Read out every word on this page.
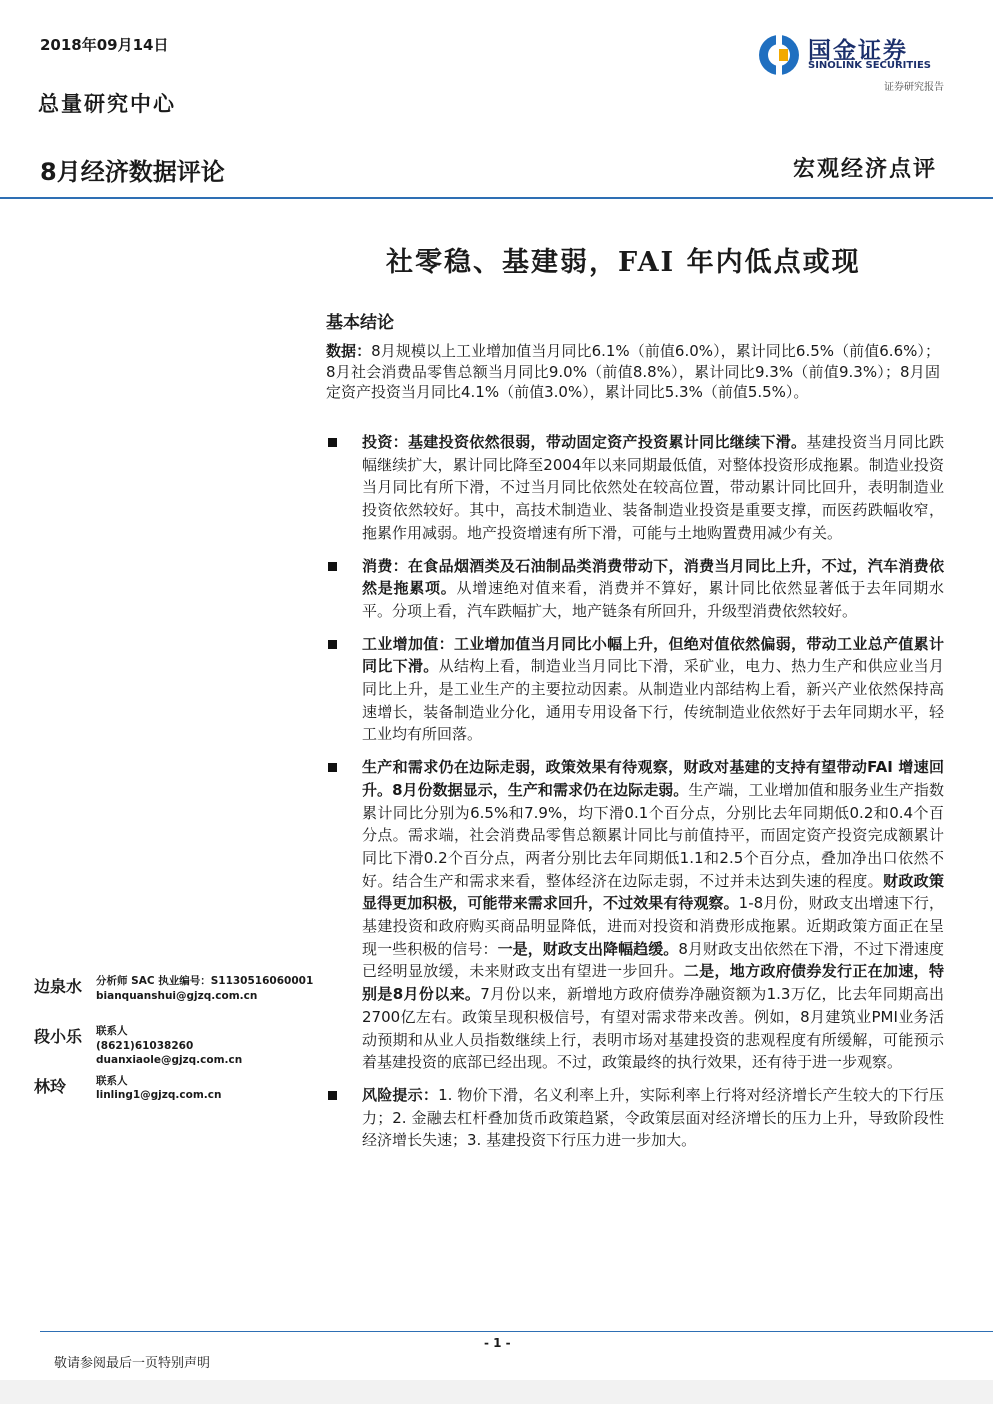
2018年09月14日
总量研究中心
8月经济数据评论	宏观经济点评
国金证券
SINOLINK SECURITIES
证券研究报告
社零稳、基建弱，FAI 年内低点或现
基本结论
数据：8月规模以上工业增加值当月同比6.1%（前值6.0%），累计同比6.5%（前值6.6%）；8月社会消费品零售总额当月同比9.0%（前值8.8%），累计同比9.3%（前值9.3%）；8月固定资产投资当月同比4.1%（前值3.0%），累计同比5.3%（前值5.5%）。
投资：基建投资依然很弱，带动固定资产投资累计同比继续下滑。基建投资当月同比跌幅继续扩大，累计同比降至2004年以来同期最低值，对整体投资形成拖累。制造业投资当月同比有所下滑，不过当月同比依然处在较高位置，带动累计同比回升，表明制造业投资依然较好。其中，高技术制造业、装备制造业投资是重要支撑，而医药跌幅收窄，拖累作用减弱。地产投资增速有所下滑，可能与土地购置费用减少有关。
消费：在食品烟酒类及石油制品类消费带动下，消费当月同比上升，不过，汽车消费依然是拖累项。从增速绝对值来看，消费并不算好，累计同比依然显著低于去年同期水平。分项上看，汽车跌幅扩大，地产链条有所回升，升级型消费依然较好。
工业增加值：工业增加值当月同比小幅上升，但绝对值依然偏弱，带动工业总产值累计同比下滑。从结构上看，制造业当月同比下滑，采矿业，电力、热力生产和供应业当月同比上升，是工业生产的主要拉动因素。从制造业内部结构上看，新兴产业依然保持高速增长，装备制造业分化，通用专用设备下行，传统制造业依然好于去年同期水平，轻工业均有所回落。
生产和需求仍在边际走弱，政策效果有待观察，财政对基建的支持有望带动FAI 增速回升。8月份数据显示，生产和需求仍在边际走弱。生产端，工业增加值和服务业生产指数累计同比分别为6.5%和7.9%，均下滑0.1个百分点，分别比去年同期低0.2和0.4个百分点。需求端，社会消费品零售总额累计同比与前值持平，而固定资产投资完成额累计同比下滑0.2个百分点，两者分别比去年同期低1.1和2.5个百分点，叠加净出口依然不好。结合生产和需求来看，整体经济在边际走弱，不过并未达到失速的程度。财政政策显得更加积极，可能带来需求回升，不过效果有待观察。1-8月份，财政支出增速下行，基建投资和政府购买商品明显降低，进而对投资和消费形成拖累。近期政策方面正在呈现一些积极的信号：一是，财政支出降幅趋缓。8月财政支出依然在下滑，不过下滑速度已经明显放缓，未来财政支出有望进一步回升。二是，地方政府债券发行正在加速，特别是8月份以来。7月份以来，新增地方政府债券净融资额为1.3万亿，比去年同期高出2700亿左右。政策呈现积极信号，有望对需求带来改善。例如，8月建筑业PMI业务活动预期和从业人员指数继续上行，表明市场对基建投资的悲观程度有所缓解，可能预示着基建投资的底部已经出现。不过，政策最终的执行效果，还有待于进一步观察。
风险提示：1. 物价下滑，名义利率上升，实际利率上行将对经济增长产生较大的下行压力；2. 金融去杠杆叠加货币政策趋紧，令政策层面对经济增长的压力上升，导致阶段性经济增长失速；3. 基建投资下行压力进一步加大。
边泉水 分析师 SAC 执业编号：S1130516060001
bianquanshui@gjzq.com.cn
段小乐 联系人
(8621)61038260
duanxiaole@gjzq.com.cn
林玲	联系人
linling1@gjzq.com.cn
- 1 -
敬请参阅最后一页特别声明
